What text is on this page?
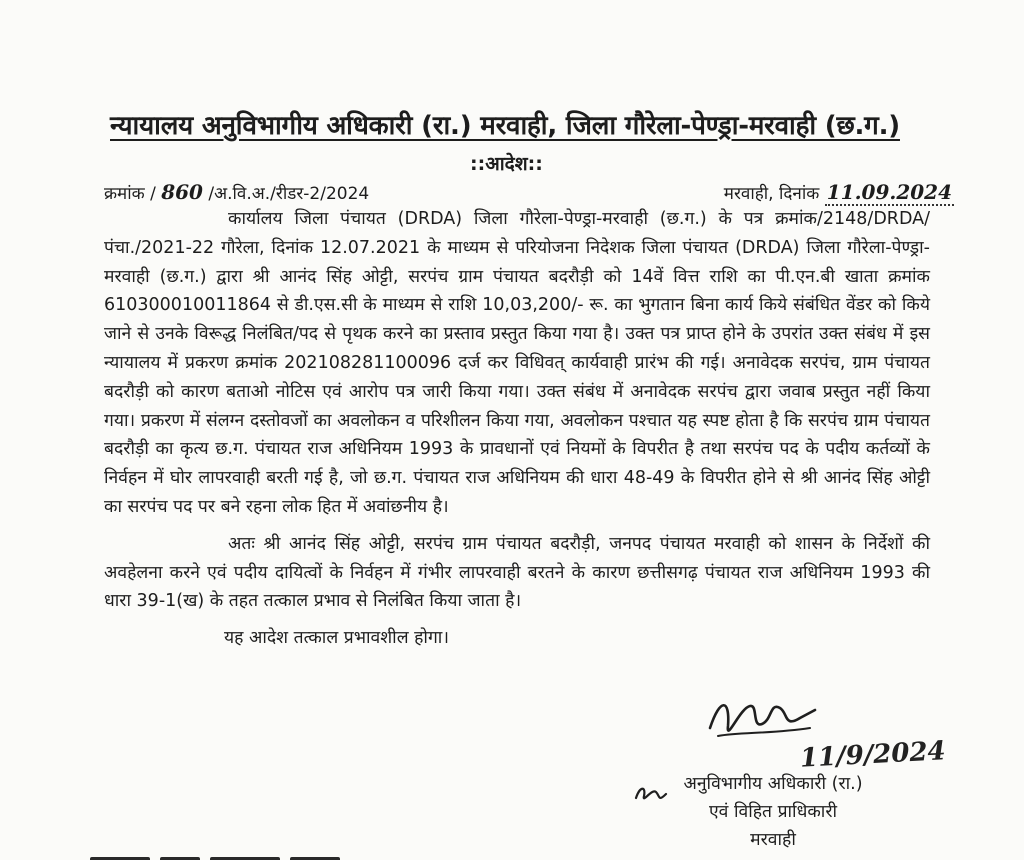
न्यायालय अनुविभागीय अधिकारी (रा.) मरवाही, जिला गौरेला-पेण्ड्रा-मरवाही (छ.ग.)
::आदेश::
क्रमांक / 860 /अ.वि.अ./रीडर-2/2024	मरवाही, दिनांक 11.09.2024

कार्यालय जिला पंचायत (DRDA) जिला गौरेला-पेण्ड्रा-मरवाही (छ.ग.) के पत्र क्रमांक/2148/DRDA/पंचा./2021-22 गौरेला, दिनांक 12.07.2021 के माध्यम से परियोजना निदेशक जिला पंचायत (DRDA) जिला गौरेला-पेण्ड्रा-मरवाही (छ.ग.) द्वारा श्री आनंद सिंह ओट्टी, सरपंच ग्राम पंचायत बदरौड़ी को 14वें वित्त राशि का पी.एन.बी खाता क्रमांक 610300010011864 से डी.एस.सी के माध्यम से राशि 10,03,200/- रू. का भुगतान बिना कार्य किये संबंधित वेंडर को किये जाने से उनके विरूद्ध निलंबित/पद से पृथक करने का प्रस्ताव प्रस्तुत किया गया है। उक्त पत्र प्राप्त होने के उपरांत उक्त संबंध में इस न्यायालय में प्रकरण क्रमांक 202108281100096 दर्ज कर विधिवत् कार्यवाही प्रारंभ की गई। अनावेदक सरपंच, ग्राम पंचायत बदरौड़ी को कारण बताओ नोटिस एवं आरोप पत्र जारी किया गया। उक्त संबंध में अनावेदक सरपंच द्वारा जवाब प्रस्तुत नहीं किया गया। प्रकरण में संलग्न दस्तोवजों का अवलोकन व परिशीलन किया गया, अवलोकन पश्चात यह स्पष्ट होता है कि सरपंच ग्राम पंचायत बदरौड़ी का कृत्य छ.ग. पंचायत राज अधिनियम 1993 के प्रावधानों एवं नियमों के विपरीत है तथा सरपंच पद के पदीय कर्तव्यों के निर्वहन में घोर लापरवाही बरती गई है, जो छ.ग. पंचायत राज अधिनियम की धारा 48-49 के विपरीत होने से श्री आनंद सिंह ओट्टी का सरपंच पद पर बने रहना लोक हित में अवांछनीय है।

अतः श्री आनंद सिंह ओट्टी, सरपंच ग्राम पंचायत बदरौड़ी, जनपद पंचायत मरवाही को शासन के निर्देशों की अवहेलना करने एवं पदीय दायित्वों के निर्वहन में गंभीर लापरवाही बरतने के कारण छत्तीसगढ़ पंचायत राज अधिनियम 1993 की धारा 39-1(ख) के तहत तत्काल प्रभाव से निलंबित किया जाता है।

यह आदेश तत्काल प्रभावशील होगा।

11/9/2024
अनुविभागीय अधिकारी (रा.)
एवं विहित प्राधिकारी
मरवाही
